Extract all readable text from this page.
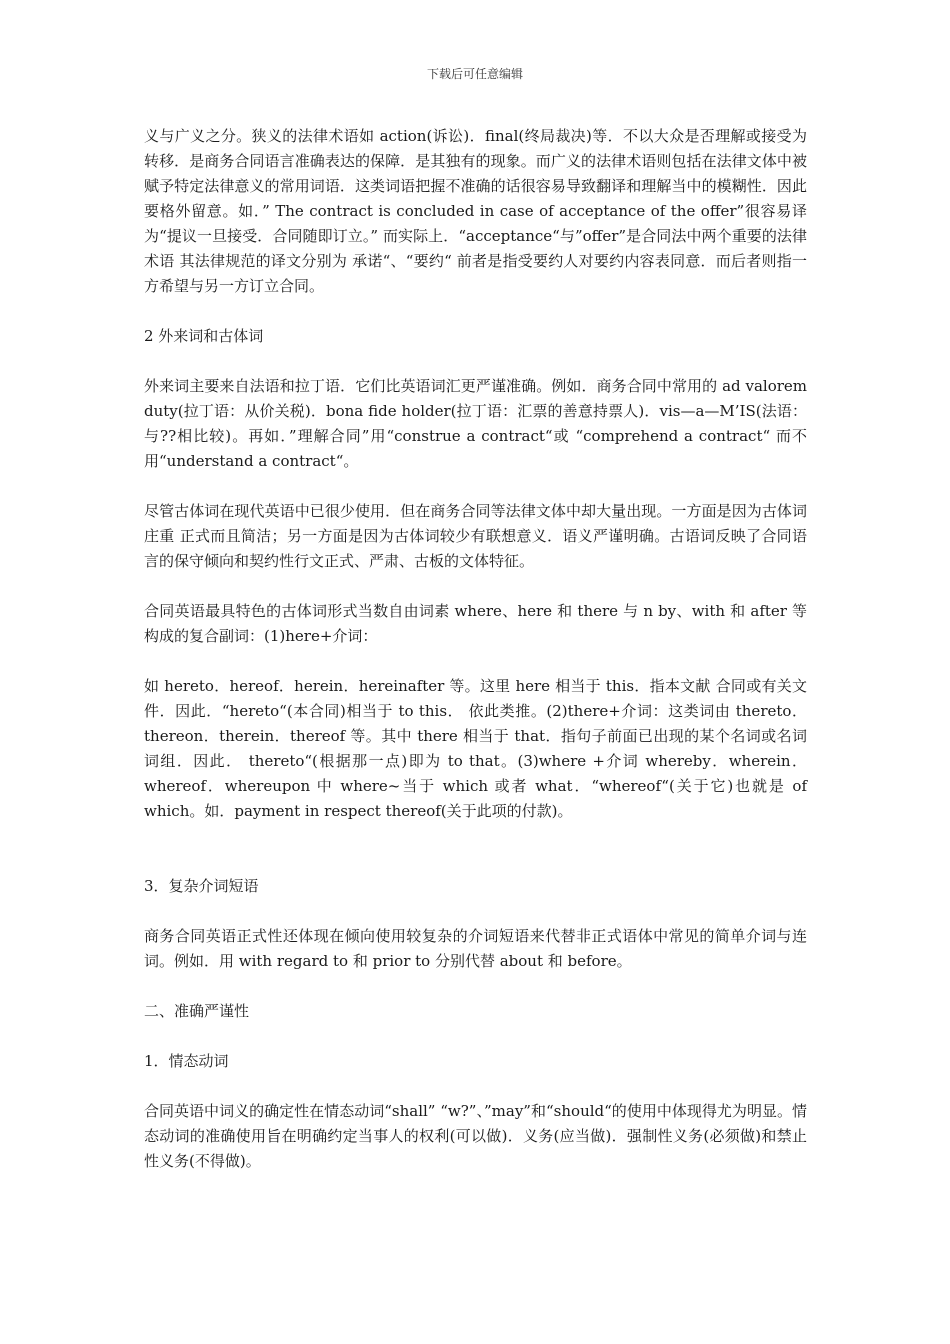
下载后可任意编辑

义与广义之分。狭义的法律术语如 action(诉讼)．final(终局裁决)等．不以大众是否理解或接受为转移．是商务合同语言准确表达的保障．是其独有的现象。而广义的法律术语则包括在法律文体中被赋予特定法律意义的常用词语．这类词语把握不准确的话很容易导致翻译和理解当中的模糊性．因此要格外留意。如．” The contract is concluded in case of acceptance of the offer”很容易译为“提议一旦接受．合同随即订立。” 而实际上．“acceptance“与”offer”是合同法中两个重要的法律术语 其法律规范的译文分别为 承诺“、“要约“ 前者是指受要约人对要约内容表同意．而后者则指一方希望与另一方订立合同。

2 外来词和古体词

外来词主要来自法语和拉丁语．它们比英语词汇更严谨准确。例如．商务合同中常用的 ad valorem duty(拉丁语：从价关税)．bona fide holder(拉丁语：汇票的善意持票人)．vis—a—M’IS(法语：与??相比较)。再如．”理解合同”用“construe a contract“或 “comprehend a contract“ 而不用“understand a contract“。

尽管古体词在现代英语中已很少使用．但在商务合同等法律文体中却大量出现。一方面是因为古体词庄重 正式而且简洁；另一方面是因为古体词较少有联想意义．语义严谨明确。古语词反映了合同语言的保守倾向和契约性行文正式、严肃、古板的文体特征。

合同英语最具特色的古体词形式当数自由词素 where、here 和 there 与 n by、with 和 after 等构成的复合副词：(1)here+介词：

如 hereto．hereof．herein．hereinafter 等。这里 here 相当于 this．指本文献 合同或有关文件．因此．“hereto“(本合同)相当于 to this． 依此类推。(2)there+介词：这类词由 thereto．thereon．therein．thereof 等。其中 there 相当于 that．指句子前面已出现的某个名词或名词词组．因此． thereto“(根据那一点)即为 to that。(3)where +介词 whereby．wherein．whereof．whereupon 中 where~当于 which 或者 what．“whereof“(关于它)也就是 of which。如．payment in respect thereof(关于此项的付款)。

3．复杂介词短语

商务合同英语正式性还体现在倾向使用较复杂的介词短语来代替非正式语体中常见的简单介词与连词。例如．用 with regard to 和 prior to 分别代替 about 和 before。

二、准确严谨性

1．情态动词

合同英语中词义的确定性在情态动词“shall” “w?”、”may”和“should“的使用中体现得尤为明显。情态动词的准确使用旨在明确约定当事人的权利(可以做)．义务(应当做)．强制性义务(必须做)和禁止性义务(不得做)。
